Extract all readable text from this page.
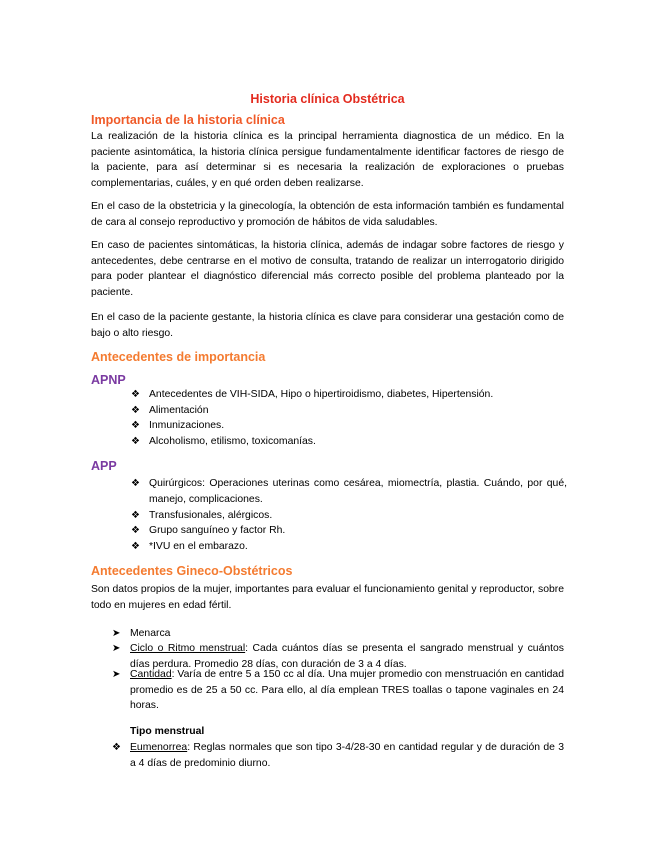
Historia clínica Obstétrica
Importancia de la historia clínica
La realización de la historia clínica es la principal herramienta diagnostica de un médico. En la paciente asintomática, la historia clínica persigue fundamentalmente identificar factores de riesgo de la paciente, para así determinar si es necesaria la realización de exploraciones o pruebas complementarias, cuáles, y en qué orden deben realizarse.
En el caso de la obstetricia y la ginecología, la obtención de esta información también es fundamental de cara al consejo reproductivo y promoción de hábitos de vida saludables.
En caso de pacientes sintomáticas, la historia clínica, además de indagar sobre factores de riesgo y antecedentes, debe centrarse en el motivo de consulta, tratando de realizar un interrogatorio dirigido para poder plantear el diagnóstico diferencial más correcto posible del problema planteado por la paciente.
En el caso de la paciente gestante, la historia clínica es clave para considerar una gestación como de bajo o alto riesgo.
Antecedentes de importancia
APNP
❖ Antecedentes de VIH-SIDA, Hipo o hipertiroidismo, diabetes, Hipertensión.
❖ Alimentación
❖ Inmunizaciones.
❖ Alcoholismo, etilismo, toxicomanías.
APP
❖ Quirúrgicos: Operaciones uterinas como cesárea, miomectría, plastia. Cuándo, por qué, manejo, complicaciones.
❖ Transfusionales, alérgicos.
❖ Grupo sanguíneo y factor Rh.
❖ *IVU en el embarazo.
Antecedentes Gineco-Obstétricos
Son datos propios de la mujer, importantes para evaluar el funcionamiento genital y reproductor, sobre todo en mujeres en edad fértil.
➤ Menarca
➤ Ciclo o Ritmo menstrual: Cada cuántos días se presenta el sangrado menstrual y cuántos días perdura. Promedio 28 días, con duración de 3 a 4 días.
➤ Cantidad: Varía de entre 5 a 150 cc al día. Una mujer promedio con menstruación en cantidad promedio es de 25 a 50 cc. Para ello, al día emplean TRES toallas o tapone vaginales en 24 horas.
Tipo menstrual
❖ Eumenorrea: Reglas normales que son tipo 3-4/28-30 en cantidad regular y de duración de 3 a 4 días de predominio diurno.
